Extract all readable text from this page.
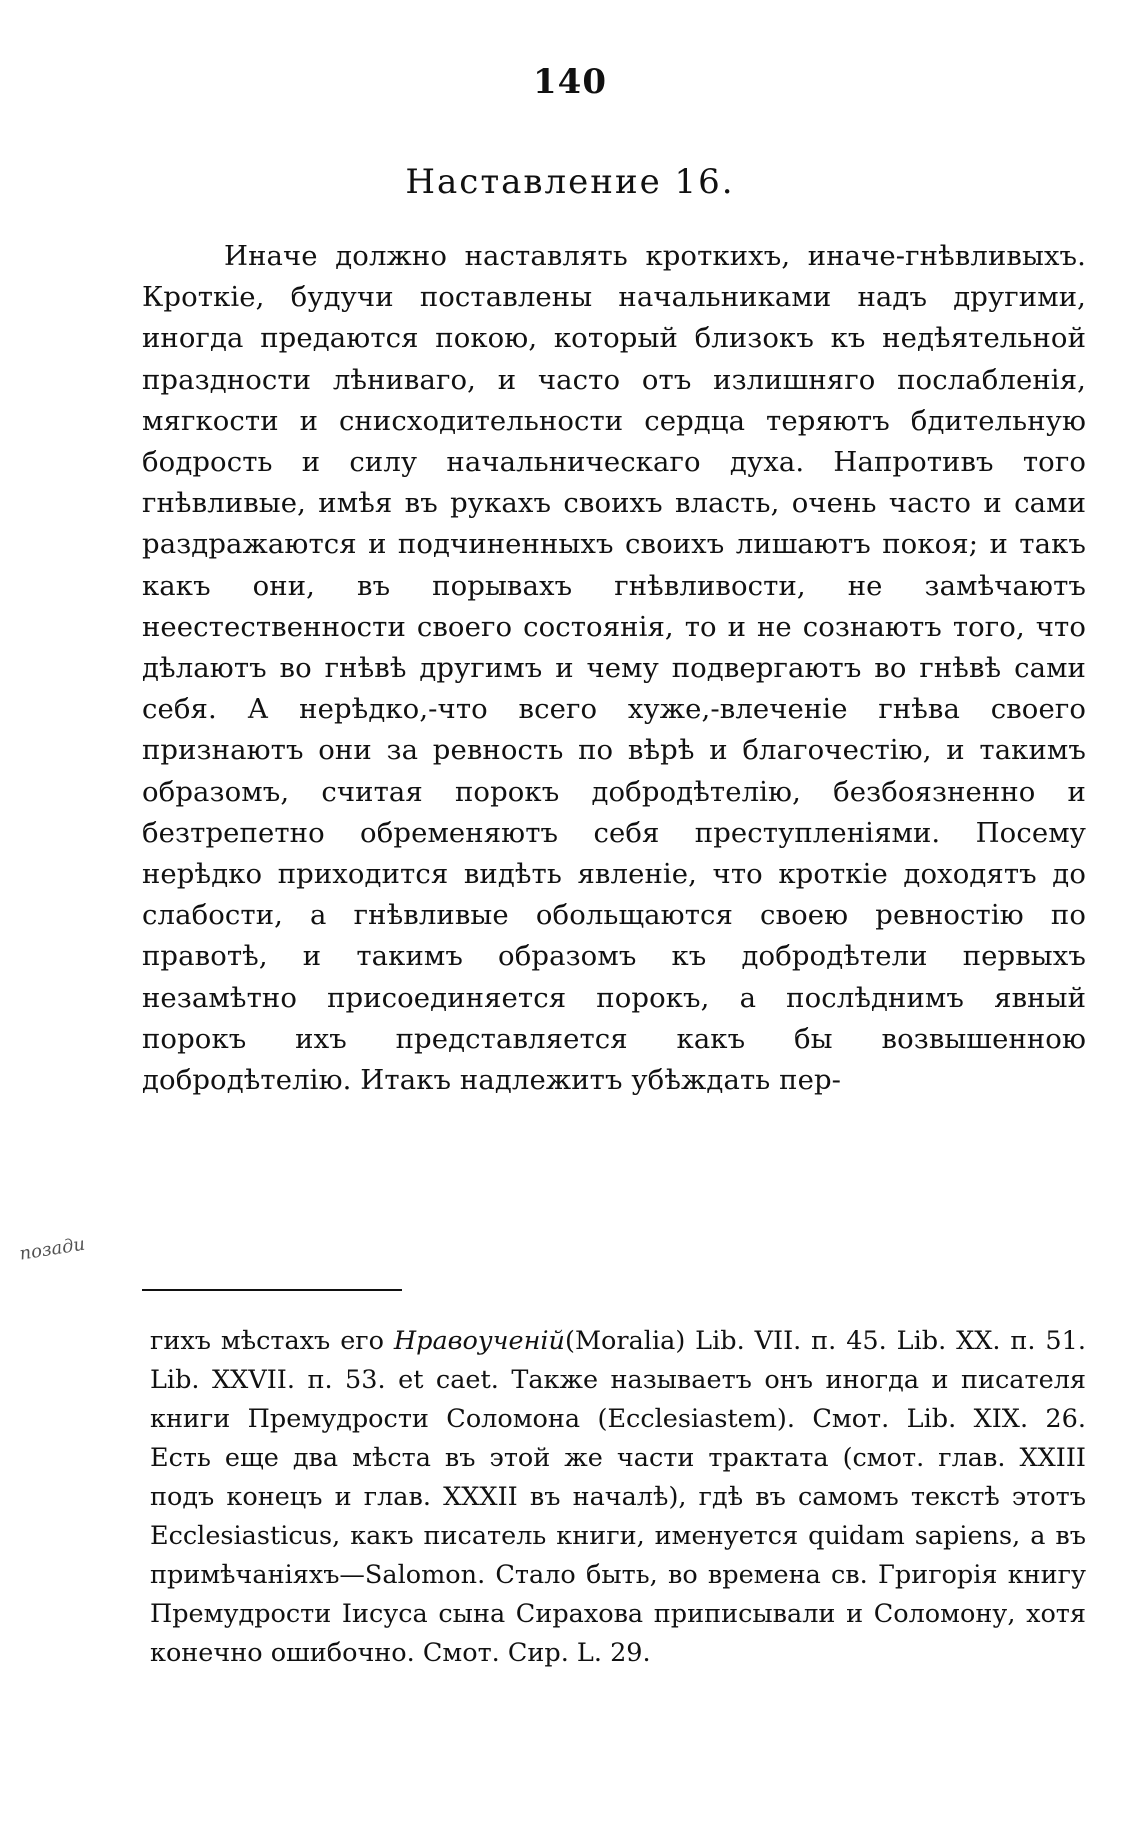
140
Наставление 16.

Иначе должно наставлять кроткихъ, иначе-гнѣвливыхъ. Кроткіе, будучи поставлены начальниками надъ другими, иногда предаются покою, который близокъ къ недѣятельной праздности лѣниваго, и часто отъ излишняго послабленія, мягкости и снисходительности сердца теряютъ бдительную бодрость и силу начальническаго духа. Напротивъ того гнѣвливые, имѣя въ рукахъ своихъ власть, очень часто и сами раздражаются и подчиненныхъ своихъ лишаютъ покоя; и такъ какъ они, въ порывахъ гнѣвливости, не замѣчаютъ неестественности своего состоянія, то и не сознаютъ того, что дѣлаютъ во гнѣвѣ другимъ и чему подвергаютъ во гнѣвѣ сами себя. А нерѣдко,-что всего хуже,-влеченіе гнѣва своего признаютъ они за ревность по вѣрѣ и благочестію, и такимъ образомъ, считая порокъ добродѣтелію, безбоязненно и безтрепетно обременяютъ себя преступленіями. Посему нерѣдко приходится видѣть явленіе, что кроткіе доходятъ до слабости, а гнѣвливые обольщаются своею ревностію по правотѣ, и такимъ образомъ къ добродѣтели первыхъ незамѣтно присоединяется порокъ, а послѣднимъ явный порокъ ихъ представляется какъ бы возвышенною добродѣтелію. Итакъ надлежитъ убѣждать пер-

позади

гихъ мѣстахъ его Нравоученій(Moralia) Lib. VII. п. 45. Lib. XX. п. 51. Lib. XXVII. п. 53. et caet. Также называетъ онъ иногда и писателя книги Премудрости Соломона (Ecclesiastem). Смот. Lib. XIX. 26. Есть еще два мѣста въ этой же части трактата (смот. глав. XXIII подъ конецъ и глав. XXXII въ началѣ), гдѣ въ самомъ текстѣ этотъ Ecclesiasticus, какъ писатель книги, именуется quidam sapiens, а въ примѣчаніяхъ—Salomon. Стало быть, во времена св. Григорія книгу Премудрости Іисуса сына Сирахова приписывали и Соломону, хотя конечно ошибочно. Смот. Сир. L. 29.
